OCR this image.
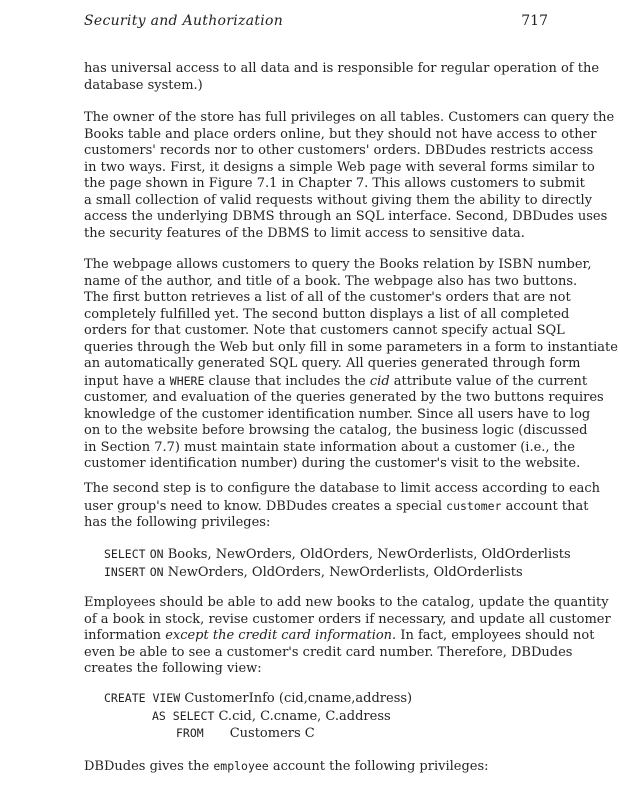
Security and Authorization	717

has universal access to all data and is responsible for regular operation of the
database system.)

The owner of the store has full privileges on all tables. Customers can query the
Books table and place orders online, but they should not have access to other
customers' records nor to other customers' orders. DBDudes restricts access
in two ways. First, it designs a simple Web page with several forms similar to
the page shown in Figure 7.1 in Chapter 7. This allows customers to submit
a small collection of valid requests without giving them the ability to directly
access the underlying DBMS through an SQL interface. Second, DBDudes uses
the security features of the DBMS to limit access to sensitive data.

The webpage allows customers to query the Books relation by ISBN number,
name of the author, and title of a book. The webpage also has two buttons.
The first button retrieves a list of all of the customer's orders that are not
completely fulfilled yet. The second button displays a list of all completed
orders for that customer. Note that customers cannot specify actual SQL
queries through the Web but only fill in some parameters in a form to instantiate
an automatically generated SQL query. All queries generated through form
input have a WHERE clause that includes the cid attribute value of the current
customer, and evaluation of the queries generated by the two buttons requires
knowledge of the customer identification number. Since all users have to log
on to the website before browsing the catalog, the business logic (discussed
in Section 7.7) must maintain state information about a customer (i.e., the
customer identification number) during the customer's visit to the website.

The second step is to configure the database to limit access according to each
user group's need to know. DBDudes creates a special customer account that
has the following privileges:

SELECT ON Books, NewOrders, OldOrders, NewOrderlists, OldOrderlists
INSERT ON NewOrders, OldOrders, NewOrderlists, OldOrderlists

Employees should be able to add new books to the catalog, update the quantity
of a book in stock, revise customer orders if necessary, and update all customer
information except the credit card information. In fact, employees should not
even be able to see a customer's credit card number. Therefore, DBDudes
creates the following view:

CREATE VIEW CustomerInfo (cid,cname,address)
AS SELECT C.cid, C.cname, C.address
FROM Customers C

DBDudes gives the employee account the following privileges:
